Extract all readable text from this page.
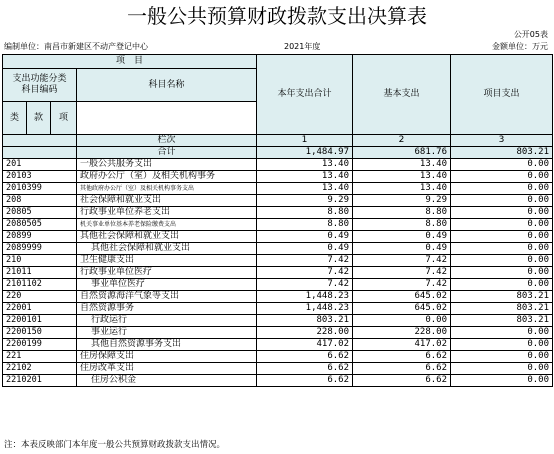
一般公共预算财政拨款支出决算表
公开05表
编制单位：南昌市新建区不动产登记中心	2021年度	金额单位：万元
项　目				本年支出合计	基本支出	项目支出
支出功能分类
科目编码			科目名称			

类	款	项				
			栏次	1	2	3
			合计	1,484.97	681.76	803.21
201			一般公共服务支出	13.40	13.40	0.00
20103			政府办公厅（室）及相关机构事务	13.40	13.40	0.00
2010399			其他政府办公厅（室）及相关机构事务支出	13.40	13.40	0.00
208			社会保障和就业支出	9.29	9.29	0.00
20805			行政事业单位养老支出	8.80	8.80	0.00
2080505			机关事业单位基本养老保险缴费支出	8.80	8.80	0.00
20899			其他社会保障和就业支出	0.49	0.49	0.00
2089999			其他社会保障和就业支出	0.49	0.49	0.00
210			卫生健康支出	7.42	7.42	0.00
21011			行政事业单位医疗	7.42	7.42	0.00
2101102			事业单位医疗	7.42	7.42	0.00
220			自然资源海洋气象等支出	1,448.23	645.02	803.21
22001			自然资源事务	1,448.23	645.02	803.21
2200101			行政运行	803.21	0.00	803.21
2200150			事业运行	228.00	228.00	0.00
2200199			其他自然资源事务支出	417.02	417.02	0.00
221			住房保障支出	6.62	6.62	0.00
22102			住房改革支出	6.62	6.62	0.00
2210201			住房公积金	6.62	6.62	0.00
注：本表反映部门本年度一般公共预算财政拨款支出情况。
